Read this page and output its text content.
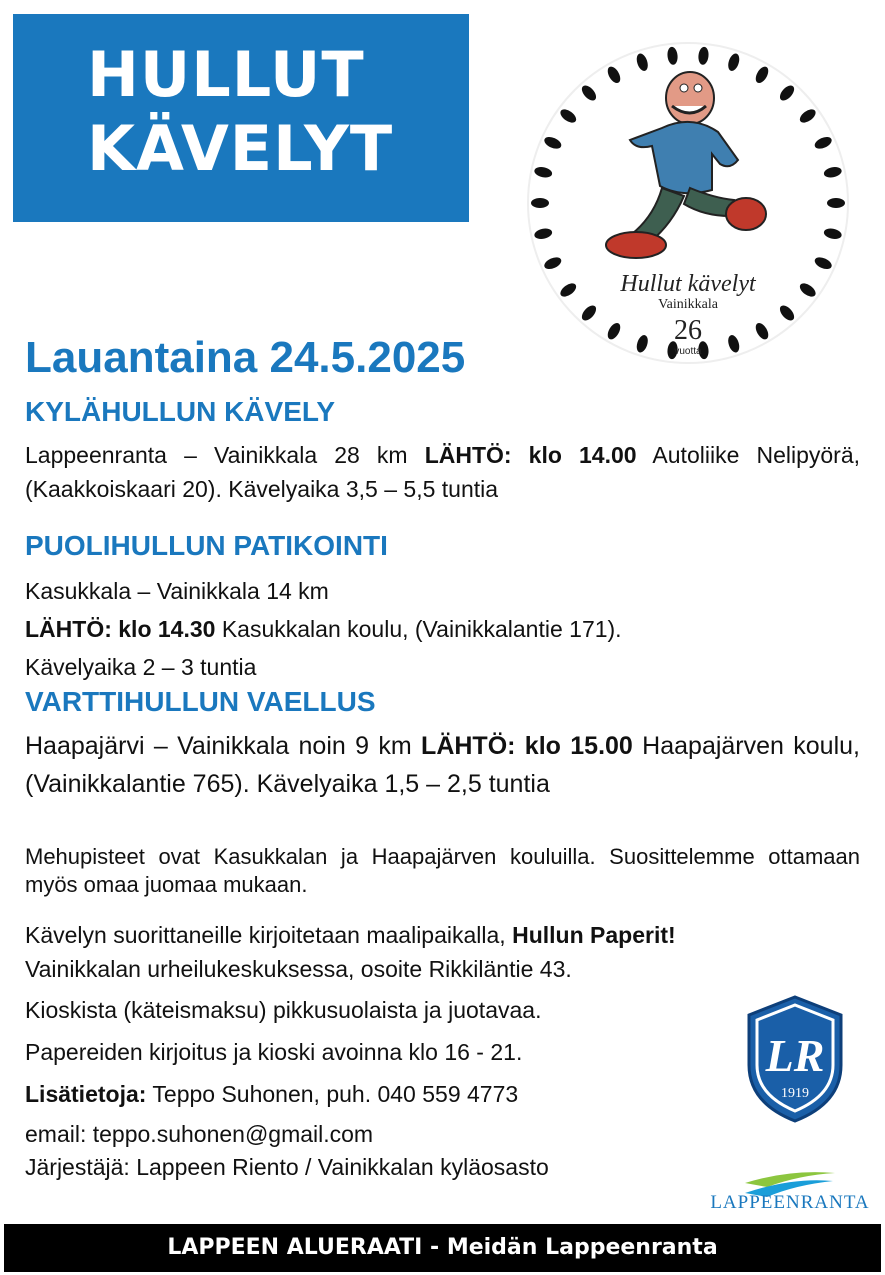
HULLUT
KÄVELYT
Hullut kävelyt
Vainikkala
26
vuotta
Lauantaina 24.5.2025
KYLÄHULLUN KÄVELY

Lappeenranta – Vainikkala 28 km LÄHTÖ: klo 14.00 Autoliike Nelipyörä, (Kaakkoiskaari 20). Kävelyaika 3,5 – 5,5 tuntia

PUOLIHULLUN PATIKOINTI

Kasukkala – Vainikkala 14 km

LÄHTÖ: klo 14.30 Kasukkalan koulu, (Vainikkalantie 171).

Kävelyaika 2 – 3 tuntia

VARTTIHULLUN VAELLUS

Haapajärvi – Vainikkala noin 9 km LÄHTÖ: klo 15.00 Haapajärven koulu, (Vainikkalantie 765). Kävelyaika 1,5 – 2,5 tuntia

Mehupisteet ovat Kasukkalan ja Haapajärven kouluilla. Suosittelemme ottamaan myös omaa juomaa mukaan.

Kävelyn suorittaneille kirjoitetaan maalipaikalla, Hullun Paperit!
Vainikkalan urheilukeskuksessa, osoite Rikkiläntie 43.

Kioskista (käteismaksu) pikkusuolaista ja juotavaa.

Papereiden kirjoitus ja kioski avoinna klo 16 - 21.

Lisätietoja: Teppo Suhonen, puh. 040 559 4773

email: teppo.suhonen@gmail.com

Järjestäjä: Lappeen Riento / Vainikkalan kyläosasto

LR
1919
LAPPEENRANTA
LAPPEEN ALUERAATI - Meidän Lappeenranta
